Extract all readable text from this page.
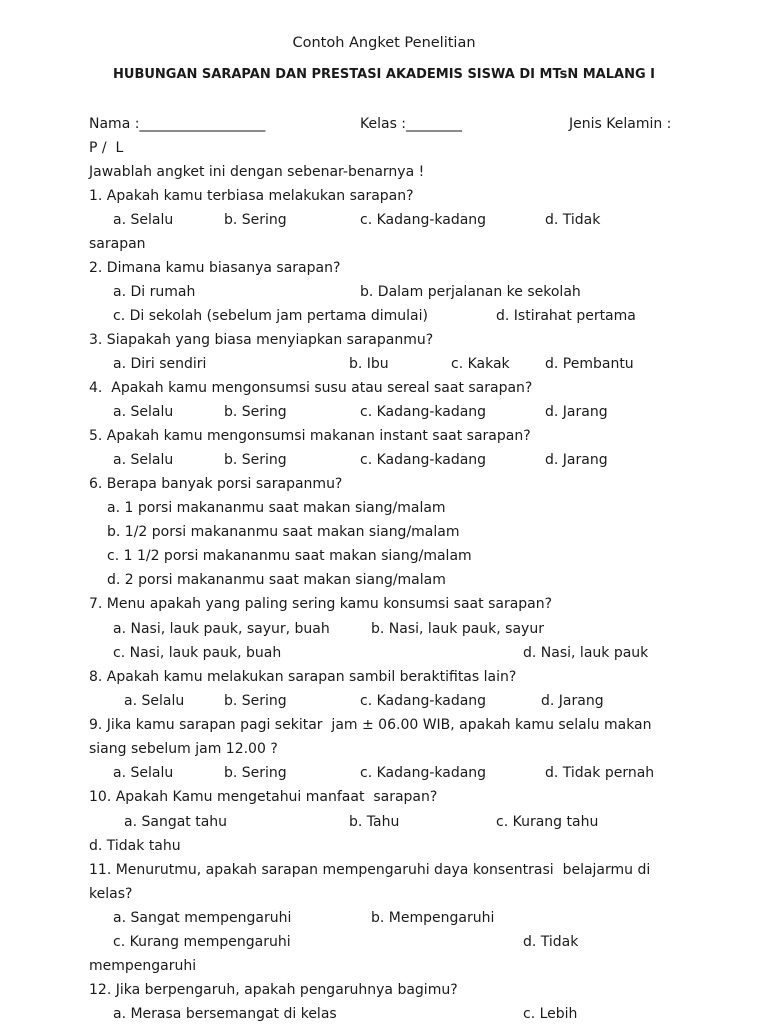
Contoh Angket Penelitian
HUBUNGAN SARAPAN DAN PRESTASI AKADEMIS SISWA DI MTsN MALANG I
Nama :__________________	Kelas :________	Jenis Kelamin :
P /  L
Jawablah angket ini dengan sebenar-benarnya !
1. Apakah kamu terbiasa melakukan sarapan?
a. Selalu	b. Sering	c. Kadang-kadang	d. Tidak
sarapan
2. Dimana kamu biasanya sarapan?
a. Di rumah	b. Dalam perjalanan ke sekolah
c. Di sekolah (sebelum jam pertama dimulai)	d. Istirahat pertama
3. Siapakah yang biasa menyiapkan sarapanmu?
a. Diri sendiri	b. Ibu	c. Kakak	d. Pembantu
4.  Apakah kamu mengonsumsi susu atau sereal saat sarapan?
a. Selalu	b. Sering	c. Kadang-kadang	d. Jarang
5. Apakah kamu mengonsumsi makanan instant saat sarapan?
a. Selalu	b. Sering	c. Kadang-kadang	d. Jarang
6. Berapa banyak porsi sarapanmu?
a. 1 porsi makananmu saat makan siang/malam
b. 1/2 porsi makananmu saat makan siang/malam
c. 1 1/2 porsi makananmu saat makan siang/malam
d. 2 porsi makananmu saat makan siang/malam
7. Menu apakah yang paling sering kamu konsumsi saat sarapan?
a. Nasi, lauk pauk, sayur, buah	b. Nasi, lauk pauk, sayur
c. Nasi, lauk pauk, buah	d. Nasi, lauk pauk
8. Apakah kamu melakukan sarapan sambil beraktifitas lain?
a. Selalu	b. Sering	c. Kadang-kadang	d. Jarang
9. Jika kamu sarapan pagi sekitar  jam ± 06.00 WIB, apakah kamu selalu makan
siang sebelum jam 12.00 ?
a. Selalu	b. Sering	c. Kadang-kadang	d. Tidak pernah
10. Apakah Kamu mengetahui manfaat  sarapan?
a. Sangat tahu	b. Tahu	c. Kurang tahu
d. Tidak tahu
11. Menurutmu, apakah sarapan mempengaruhi daya konsentrasi  belajarmu di
kelas?
a. Sangat mempengaruhi	b. Mempengaruhi
c. Kurang mempengaruhi	d. Tidak
mempengaruhi
12. Jika berpengaruh, apakah pengaruhnya bagimu?
a. Merasa bersemangat di kelas	c. Lebih
